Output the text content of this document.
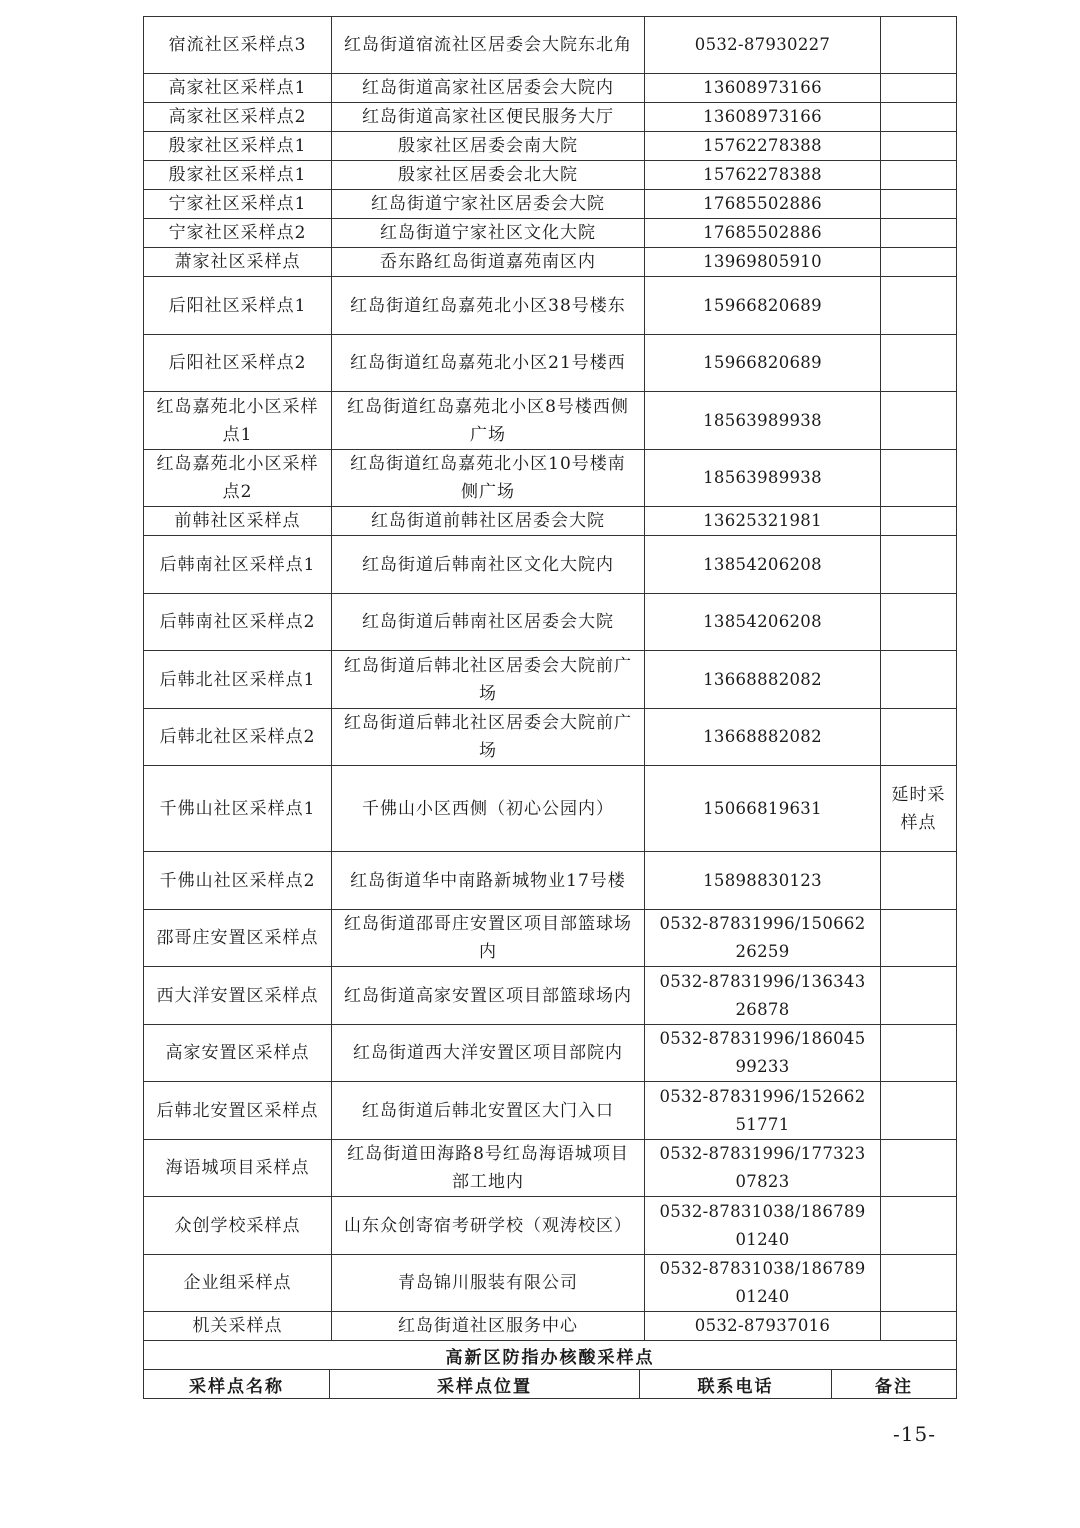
宿流社区采样点3	红岛街道宿流社区居委会大院东北角	0532-87930227	
高家社区采样点1	红岛街道高家社区居委会大院内	13608973166	
高家社区采样点2	红岛街道高家社区便民服务大厅	13608973166	
殷家社区采样点1	殷家社区居委会南大院	15762278388	
殷家社区采样点1	殷家社区居委会北大院	15762278388	
宁家社区采样点1	红岛街道宁家社区居委会大院	17685502886	
宁家社区采样点2	红岛街道宁家社区文化大院	17685502886	
萧家社区采样点	岙东路红岛街道嘉苑南区内	13969805910	
后阳社区采样点1	红岛街道红岛嘉苑北小区38号楼东	15966820689	
后阳社区采样点2	红岛街道红岛嘉苑北小区21号楼西	15966820689	
红岛嘉苑北小区采样点1	红岛街道红岛嘉苑北小区8号楼西侧广场	18563989938	
红岛嘉苑北小区采样点2	红岛街道红岛嘉苑北小区10号楼南侧广场	18563989938	
前韩社区采样点	红岛街道前韩社区居委会大院	13625321981	
后韩南社区采样点1	红岛街道后韩南社区文化大院内	13854206208	
后韩南社区采样点2	红岛街道后韩南社区居委会大院	13854206208	
后韩北社区采样点1	红岛街道后韩北社区居委会大院前广场	13668882082	
后韩北社区采样点2	红岛街道后韩北社区居委会大院前广场	13668882082	
千佛山社区采样点1	千佛山小区西侧（初心公园内）	15066819631	延时采样点
千佛山社区采样点2	红岛街道华中南路新城物业17号楼	15898830123	
邵哥庄安置区采样点	红岛街道邵哥庄安置区项目部篮球场内	0532-87831996/15066226259	
西大洋安置区采样点	红岛街道高家安置区项目部篮球场内	0532-87831996/13634326878	
高家安置区采样点	红岛街道西大洋安置区项目部院内	0532-87831996/18604599233	
后韩北安置区采样点	红岛街道后韩北安置区大门入口	0532-87831996/15266251771	
海语城项目采样点	红岛街道田海路8号红岛海语城项目部工地内	0532-87831996/17732307823	
众创学校采样点	山东众创寄宿考研学校（观涛校区）	0532-87831038/18678901240	
企业组采样点	青岛锦川服装有限公司	0532-87831038/18678901240	
机关采样点	红岛街道社区服务中心	0532-87937016	
高新区防指办核酸采样点
采样点名称	采样点位置	联系电话	备注
-15-
